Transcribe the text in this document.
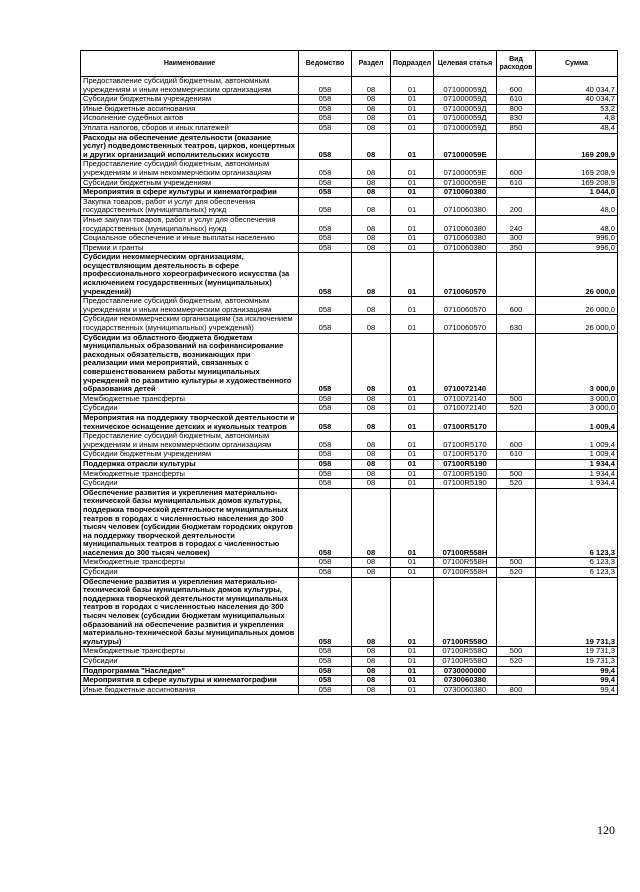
Наименование	Ведомство	Раздел	Подраздел	Целевая статья	Вид расходов	Сумма
Предоставление субсидий бюджетным, автономным учреждениям и иным некоммерческим организациям	058	08	01	071000059Д	600	40 034,7
Субсидии бюджетным учреждениям	058	08	01	071000059Д	610	40 034,7
Иные бюджетные ассигнования	058	08	01	071000059Д	800	53,2
Исполнение судебных актов	058	08	01	071000059Д	830	4,8
Уплата налогов, сборов и иных платежей	058	08	01	071000059Д	850	48,4
Расходы на обеспечение деятельности (оказание услуг) подведомственных театров, цирков, концертных и других организаций исполнительских искусств	058	08	01	071000059Е		169 208,9
Предоставление субсидий бюджетным, автономным учреждениям и иным некоммерческим организациям	058	08	01	071000059Е	600	169 208,9
Субсидии бюджетным учреждениям	058	08	01	071000059Е	610	169 208,9
Мероприятия в сфере культуры и кинематографии	058	08	01	0710060380		1 044,0
Закупка товаров, работ и услуг для обеспечения государственных (муниципальных) нужд	058	08	01	0710060380	200	48,0
Иные закупки товаров, работ и услуг для обеспечения государственных (муниципальных) нужд	058	08	01	0710060380	240	48,0
Социальное обеспечение и иные выплаты населению	058	08	01	0710060380	300	996,0
Премии и гранты	058	08	01	0710060380	350	996,0
Субсидии некоммерческим организациям, осуществляющим деятельность в сфере профессионального хореографического искусства (за исключением государственных (муниципальных) учреждений)	058	08	01	0710060570		26 000,0
Предоставление субсидий бюджетным, автономным учреждениям и иным некоммерческим организациям	058	08	01	0710060570	600	26 000,0
Субсидии некоммерческим организациям (за исключением государственных (муниципальных) учреждений)	058	08	01	0710060570	630	26 000,0
Субсидии из областного бюджета бюджетам муниципальных образований на софинансирование расходных обязательств, возникающих при реализации ими мероприятий, связанных с совершенствованием работы муниципальных учреждений по развитию культуры и художественного образования детей	058	08	01	0710072140		3 000,0
Межбюджетные трансферты	058	08	01	0710072140	500	3 000,0
Субсидии	058	08	01	0710072140	520	3 000,0
Мероприятия на поддержку творческой деятельности и техническое оснащение детских и кукольных театров	058	08	01	07100R5170		1 009,4
Предоставление субсидий бюджетным, автономным учреждениям и иным некоммерческим организациям	058	08	01	07100R5170	600	1 009,4
Субсидии бюджетным учреждениям	058	08	01	07100R5170	610	1 009,4
Поддержка отрасли культуры	058	08	01	07100R5190		1 934,4
Межбюджетные трансферты	058	08	01	07100R5190	500	1 934,4
Субсидии	058	08	01	07100R5190	520	1 934,4
Обеспечение развития и укрепления материально-технической базы муниципальных домов культуры, поддержка творческой деятельности муниципальных театров в городах с численностью населения до 300 тысяч человек (субсидии бюджетам городских округов на поддержку творческой деятельности муниципальных театров в городах с численностью населения до 300 тысяч человек)	058	08	01	07100R558Н		6 123,3
Межбюджетные трансферты	058	08	01	07100R558Н	500	6 123,3
Субсидии	058	08	01	07100R558Н	520	6 123,3
Обеспечение развития и укрепления материально-технической базы муниципальных домов культуры, поддержка творческой деятельности муниципальных театров в городах с численностью населения до 300 тысяч человек (субсидии бюджетам муниципальных образований на обеспечение развития и укрепления материально-технической базы муниципальных домов культуры)	058	08	01	07100R558О		19 731,3
Межбюджетные трансферты	058	08	01	07100R558О	500	19 731,3
Субсидии	058	08	01	07100R558О	520	19 731,3
Подпрограмма "Наследие"	058	08	01	0730000000		99,4
Мероприятия в сфере культуры и кинематографии	058	08	01	0730060380		99,4
Иные бюджетные ассигнования	058	08	01	0730060380	800	99,4
120
